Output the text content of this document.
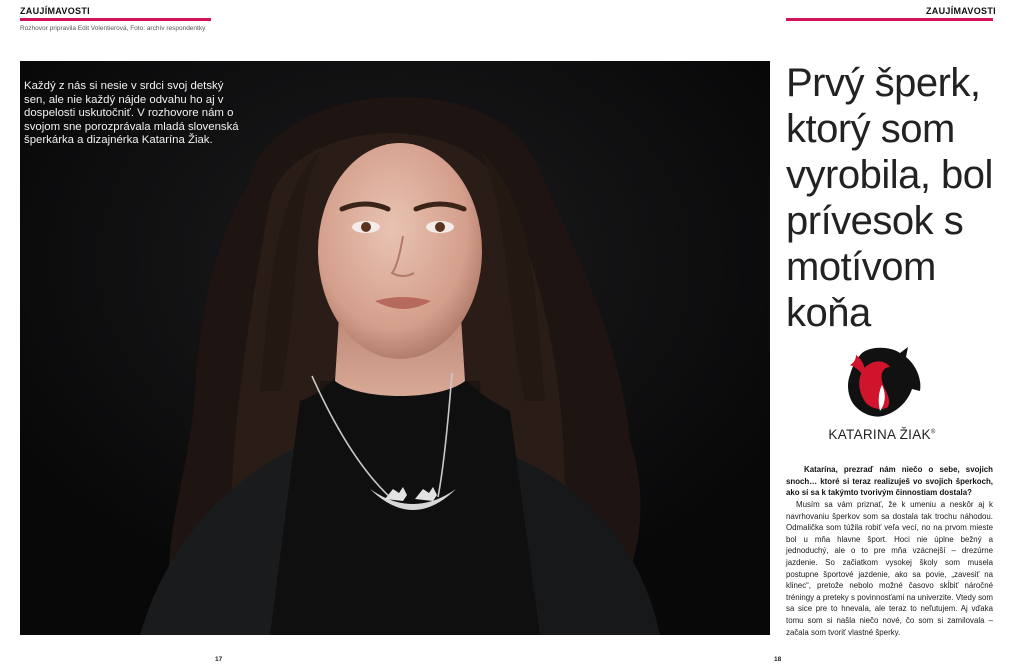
ZAUJÍMAVOSTI
Rozhovor pripravila Edit Volentierová, Foto: archív respondentky
ZAUJÍMAVOSTI
Každý z nás si nesie v srdci svoj detský sen, ale nie každý nájde odvahu ho aj v dospelosti uskutočniť. V rozhovore nám o svojom sne porozprávala mladá slovenská šperkárka a dizajnérka Katarína Žiak.
Prvý šperk, ktorý som vyrobila, bol prívesok s motívom koňa
KATARINA ŽIAK®
Katarína, prezraď nám niečo o sebe, svojich snoch… ktoré si teraz realizuješ vo svojich šperkoch, ako si sa k takýmto tvorivým činnostiam dostala?

Musím sa vám priznať, že k umeniu a neskôr aj k navrhovaniu šperkov som sa dostala tak trochu náhodou. Odmalička som túžila robiť veľa vecí, no na prvom mieste bol u mňa hlavne šport. Hoci nie úplne bežný a jednoduchý, ale o to pre mňa vzácnejší – drezúrne jazdenie. So začiatkom vysokej školy som musela postupne športové jazdenie, ako sa povie, „zavesiť na klinec“, pretože nebolo možné časovo skĺbiť náročné tréningy a preteky s povinnosťami na univerzite. Vtedy som sa sice pre to hnevala, ale teraz to neľutujem. Aj vďaka tomu som si našla niečo nové, čo som si zamilovala – začala som tvoriť vlastné šperky.

17	18
